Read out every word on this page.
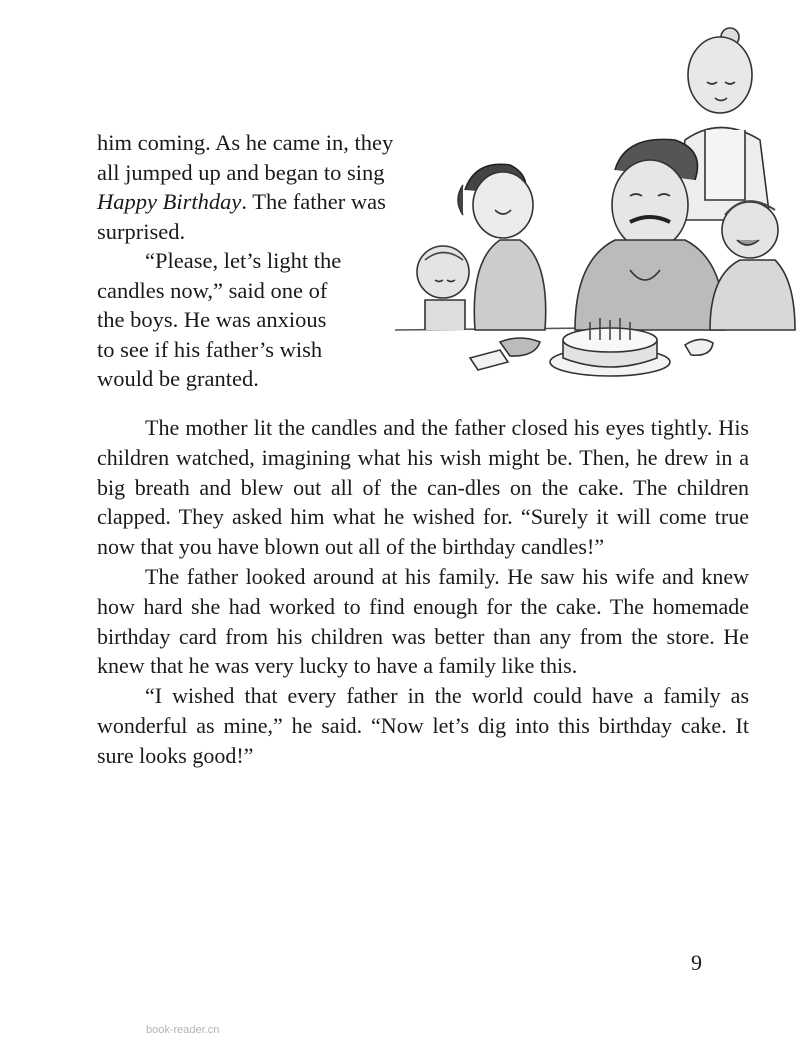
him coming. As he came in, they
all jumped up and began to sing
Happy Birthday. The father was
surprised.
“Please, let’s light the
candles now,” said one of
the boys. He was anxious
to see if his father’s wish
would be granted.

The mother lit the candles and the father closed his eyes tightly. His children watched, imagining what his wish might be. Then, he drew in a big breath and blew out all of the can-dles on the cake. The children clapped. They asked him what he wished for. “Surely it will come true now that you have blown out all of the birthday candles!”

The father looked around at his family. He saw his wife and knew how hard she had worked to find enough for the cake. The homemade birthday card from his children was better than any from the store. He knew that he was very lucky to have a family like this.

“I wished that every father in the world could have a family as wonderful as mine,” he said. “Now let’s dig into this birthday cake. It sure looks good!”

9
book-reader.cn
